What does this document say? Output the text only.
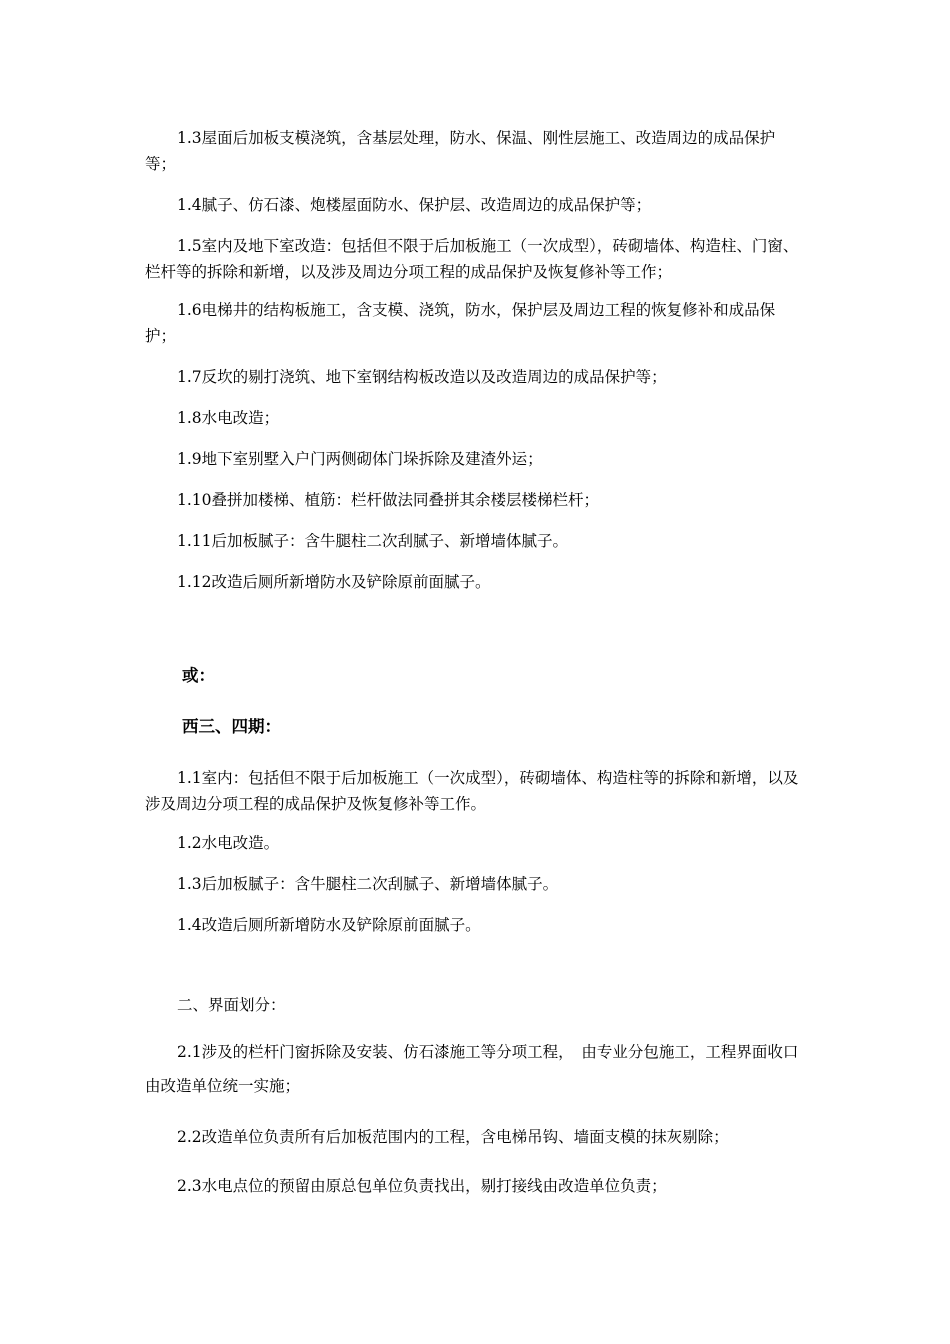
1.3屋面后加板支模浇筑，含基层处理，防水、保温、刚性层施工、改造周边的成品保护等；

1.4腻子、仿石漆、炮楼屋面防水、保护层、改造周边的成品保护等；

1.5室内及地下室改造：包括但不限于后加板施工（一次成型），砖砌墙体、构造柱、门窗、栏杆等的拆除和新增，以及涉及周边分项工程的成品保护及恢复修补等工作；

1.6电梯井的结构板施工，含支模、浇筑，防水，保护层及周边工程的恢复修补和成品保护；

1.7反坎的剔打浇筑、地下室钢结构板改造以及改造周边的成品保护等；

1.8水电改造；

1.9地下室别墅入户门两侧砌体门垛拆除及建渣外运；

1.10叠拼加楼梯、植筋：栏杆做法同叠拼其余楼层楼梯栏杆；

1.11后加板腻子：含牛腿柱二次刮腻子、新增墙体腻子。

1.12改造后厕所新增防水及铲除原前面腻子。

或：
西三、四期：

1.1室内：包括但不限于后加板施工（一次成型），砖砌墙体、构造柱等的拆除和新增，以及涉及周边分项工程的成品保护及恢复修补等工作。

1.2水电改造。

1.3后加板腻子：含牛腿柱二次刮腻子、新增墙体腻子。

1.4改造后厕所新增防水及铲除原前面腻子。

二、界面划分：

2.1涉及的栏杆门窗拆除及安装、仿石漆施工等分项工程，　由专业分包施工，工程界面收口由改造单位统一实施；

2.2改造单位负责所有后加板范围内的工程，含电梯吊钩、墙面支模的抹灰剔除；

2.3水电点位的预留由原总包单位负责找出，剔打接线由改造单位负责；
